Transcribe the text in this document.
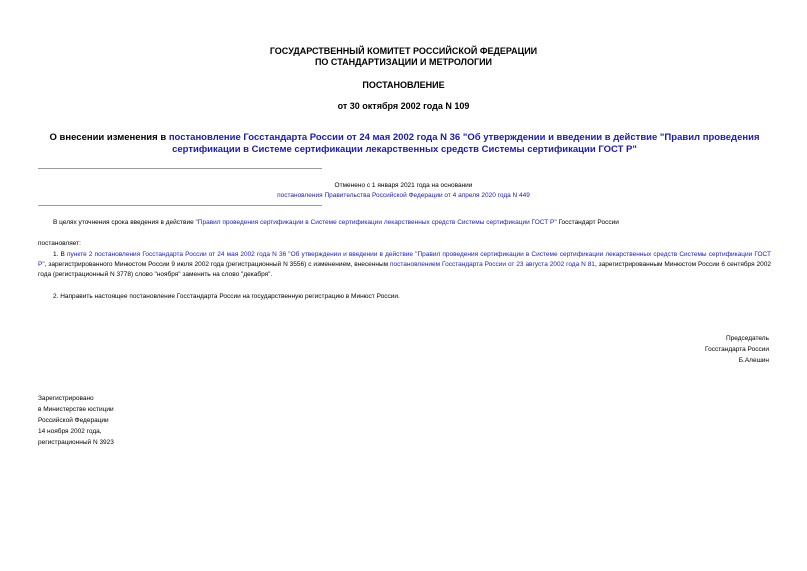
ГОСУДАРСТВЕННЫЙ КОМИТЕТ РОССИЙСКОЙ ФЕДЕРАЦИИ
ПО СТАНДАРТИЗАЦИИ И МЕТРОЛОГИИ
ПОСТАНОВЛЕНИЕ
от 30 октября 2002 года N 109
О внесении изменения в постановление Госстандарта России от 24 мая 2002 года N 36 "Об утверждении и введении в действие "Правил проведения сертификации в Системе сертификации лекарственных средств Системы сертификации ГОСТ Р"
Отменено с 1 января 2021 года на основании
постановления Правительства Российской Федерации от 4 апреля 2020 года N 449
В целях уточнения срока введения в действие "Правил проведения сертификации в Системе сертификации лекарственных средств Системы сертификации ГОСТ Р" Госстандарт России
постановляет:
1. В пункте 2 постановления Госстандарта России от 24 мая 2002 года N 36 "Об утверждении и введении в действие "Правил проведения сертификации в Системе сертификации лекарственных средств Системы сертификации ГОСТ Р", зарегистрированного Минюстом России 9 июля 2002 года (регистрационный N 3556) с изменением, внесенным постановлением Госстандарта России от 23 августа 2002 года N 81, зарегистрированным Минюстом России 6 сентября 2002 года (регистрационный N 3778) слово "ноября" заменить на слово "декабря".
2. Направить настоящее постановление Госстандарта России на государственную регистрацию в Минюст России.
Председатель
Госстандарта России
Б.Алешин
Зарегистрировано
в Министерстве юстиции
Российской Федерации
14 ноября 2002 года,
регистрационный N 3923
